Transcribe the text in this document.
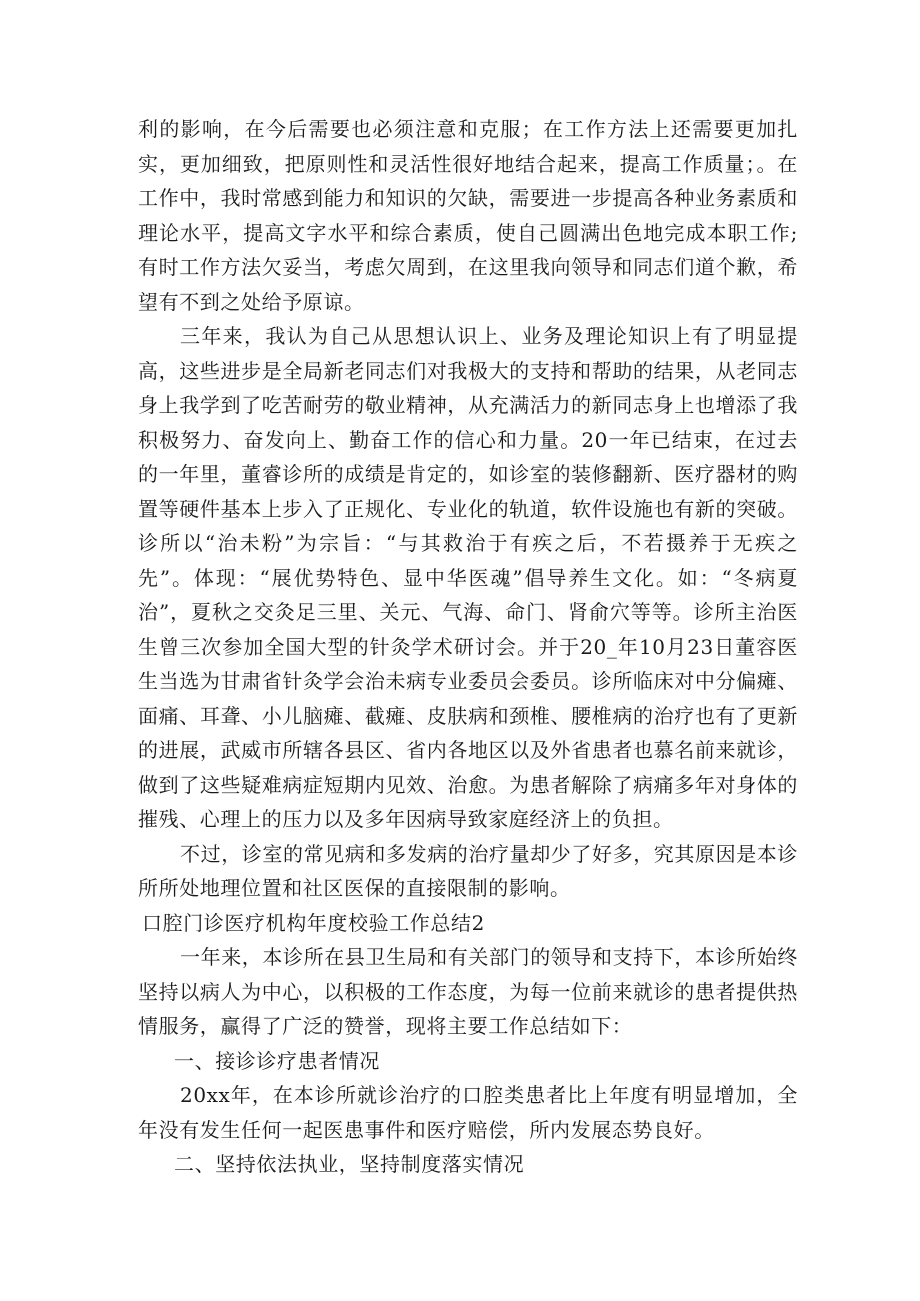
利的影响，在今后需要也必须注意和克服；在工作方法上还需要更加扎实，更加细致，把原则性和灵活性很好地结合起来，提高工作质量；。在工作中，我时常感到能力和知识的欠缺，需要进一步提高各种业务素质和理论水平，提高文字水平和综合素质，使自己圆满出色地完成本职工作;有时工作方法欠妥当，考虑欠周到，在这里我向领导和同志们道个歉，希望有不到之处给予原谅。

三年来，我认为自己从思想认识上、业务及理论知识上有了明显提高，这些进步是全局新老同志们对我极大的支持和帮助的结果，从老同志身上我学到了吃苦耐劳的敬业精神，从充满活力的新同志身上也增添了我积极努力、奋发向上、勤奋工作的信心和力量。20一年已结束，在过去的一年里，董睿诊所的成绩是肯定的，如诊室的装修翻新、医疗器材的购置等硬件基本上步入了正规化、专业化的轨道，软件设施也有新的突破。诊所以“治未粉”为宗旨：“与其救治于有疾之后，不若摄养于无疾之先”。体现：“展优势特色、显中华医魂”倡导养生文化。如：“冬病夏治”，夏秋之交灸足三里、关元、气海、命门、肾俞穴等等。诊所主治医生曾三次参加全国大型的针灸学术研讨会。并于20_年10月23日董容医生当选为甘肃省针灸学会治未病专业委员会委员。诊所临床对中分偏瘫、面痛、耳聋、小儿脑瘫、截瘫、皮肤病和颈椎、腰椎病的治疗也有了更新的进展，武威市所辖各县区、省内各地区以及外省患者也慕名前来就诊，做到了这些疑难病症短期内见效、治愈。为患者解除了病痛多年对身体的摧残、心理上的压力以及多年因病导致家庭经济上的负担。

不过，诊室的常见病和多发病的治疗量却少了好多，究其原因是本诊所所处地理位置和社区医保的直接限制的影响。

口腔门诊医疗机构年度校验工作总结2

一年来，本诊所在县卫生局和有关部门的领导和支持下，本诊所始终坚持以病人为中心，以积极的工作态度，为每一位前来就诊的患者提供热情服务，赢得了广泛的赞誉，现将主要工作总结如下：

一、接诊诊疗患者情况

20xx年，在本诊所就诊治疗的口腔类患者比上年度有明显增加，全年没有发生任何一起医患事件和医疗赔偿，所内发展态势良好。

二、坚持依法执业，坚持制度落实情况
